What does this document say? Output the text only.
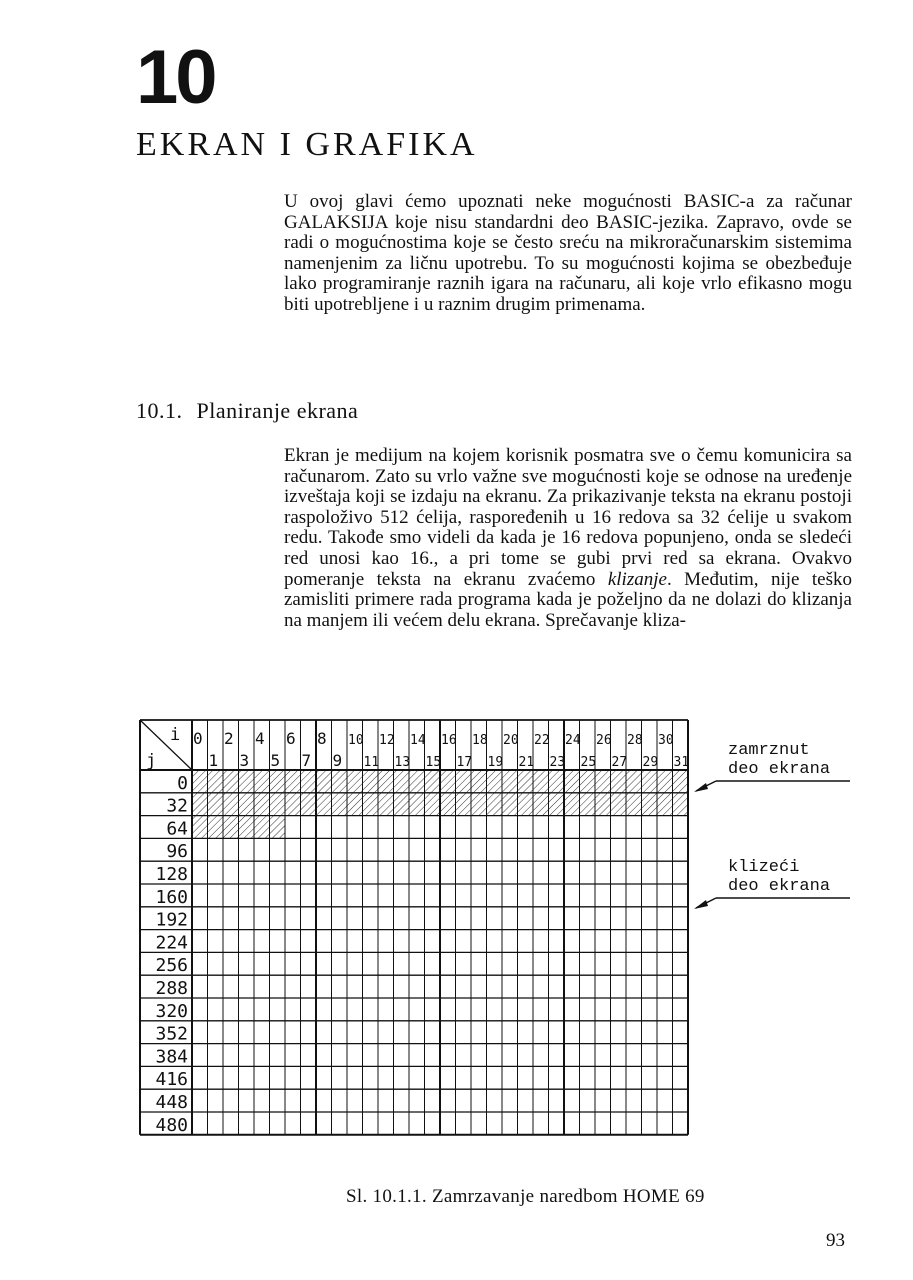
10
EKRAN I GRAFIKA

U ovoj glavi ćemo upoznati neke mogućnosti BASIC-a za računar GALAKSIJA koje nisu standardni deo BASIC-jezika. Zapravo, ovde se radi o mogućnostima koje se često sreću na mikroračunarskim sistemima namenjenim za ličnu upotrebu. To su mogućnosti kojima se obezbeđuje lako programiranje raznih igara na računaru, ali koje vrlo efikasno mogu biti upotrebljene i u raznim drugim primenama.

10.1. Planiranje ekrana

Ekran je medijum na kojem korisnik posmatra sve o čemu komunicira sa računarom. Zato su vrlo važne sve mogućnosti koje se odnose na uređenje izveštaja koji se izdaju na ekranu. Za prikazivanje teksta na ekranu postoji raspoloživo 512 ćelija, raspoređenih u 16 redova sa 32 ćelije u svakom redu. Takođe smo videli da kada je 16 redova popunjeno, onda se sledeći red unosi kao 16., a pri tome se gubi prvi red sa ekrana. Ovakvo pomeranje teksta na ekranu zvaćemo klizanje. Međutim, nije teško zamisliti primere rada programa kada je poželjno da ne dolazi do klizanja na manjem ili većem delu ekrana. Sprečavanje kliza-

i
j
0 2 4 6 8 10 12 14 16 18 20 22 24 26 28 30
1 3 5 7 9 11 13 15 17 19 21 23 25 27 29 31
0
32
64
96
128
160
192
224
256
288
320
352
384
416
448
480
zamrznut
deo ekrana
klizeći
deo ekrana
Sl. 10.1.1. Zamrzavanje naredbom HOME 69
93
